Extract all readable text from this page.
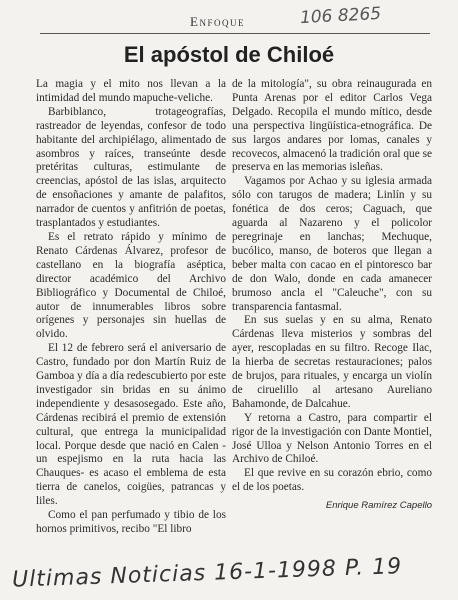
Enfoque	106 8265
El apóstol de Chiloé

La magia y el mito nos llevan a la intimidad del mundo mapuche-veliche.

Barbiblanco, trotageografías, rastreador de leyendas, confesor de todo habitante del archipiélago, alimentado de asombros y raíces, transeúnte desde pretéritas culturas, estimulante de creencias, apóstol de las islas, arquitecto de ensoñaciones y amante de palafitos, narrador de cuentos y anfitrión de poetas, trasplantados y estudiantes.

Es el retrato rápido y mínimo de Renato Cárdenas Álvarez, profesor de castellano en la biografía aséptica, director académico del Archivo Bibliográfico y Documental de Chiloé, autor de innumerables libros sobre orígenes y personajes sin huellas de olvido.

El 12 de febrero será el aniversario de Castro, fundado por don Martín Ruiz de Gamboa y día a día redescubierto por este investigador sin bridas en su ánimo independiente y desasosegado. Este año, Cárdenas recibirá el premio de extensión cultural, que entrega la municipalidad local. Porque desde que nació en Calen -un espejismo en la ruta hacia las Chauques- es acaso el emblema de esta tierra de canelos, coigües, patrancas y liles.

Como el pan perfumado y tibio de los hornos primitivos, recibo "El libro

de la mitología", su obra reinaugurada en Punta Arenas por el editor Carlos Vega Delgado. Recopila el mundo mítico, desde una perspectiva lingüística-etnográfica. De sus largos andares por lomas, canales y recovecos, almacenó la tradición oral que se preserva en las memorias isleñas.

Vagamos por Achao y su iglesia armada sólo con tarugos de madera; Linlín y su fonética de dos ceros; Caguach, que aguarda al Nazareno y el policolor peregrinaje en lanchas; Mechuque, bucólico, manso, de boteros que llegan a beber malta con cacao en el pintoresco bar de don Walo, donde en cada amanecer brumoso ancla el "Caleuche", con su transparencia fantasmal.

En sus suelas y en su alma, Renato Cárdenas lleva misterios y sombras del ayer, rescopladas en su filtro. Recoge Ilac, la hierba de secretas restauraciones; palos de brujos, para rituales, y encarga un violín de ciruelillo al artesano Aureliano Bahamonde, de Dalcahue.

Y retorna a Castro, para compartir el rigor de la investigación con Dante Montiel, José Ulloa y Nelson Antonio Torres en el Archivo de Chiloé.

El que revive en su corazón ebrio, como el de los poetas.

Enrique Ramírez Capello

Ultimas Noticias 16-1-1998 P. 19
